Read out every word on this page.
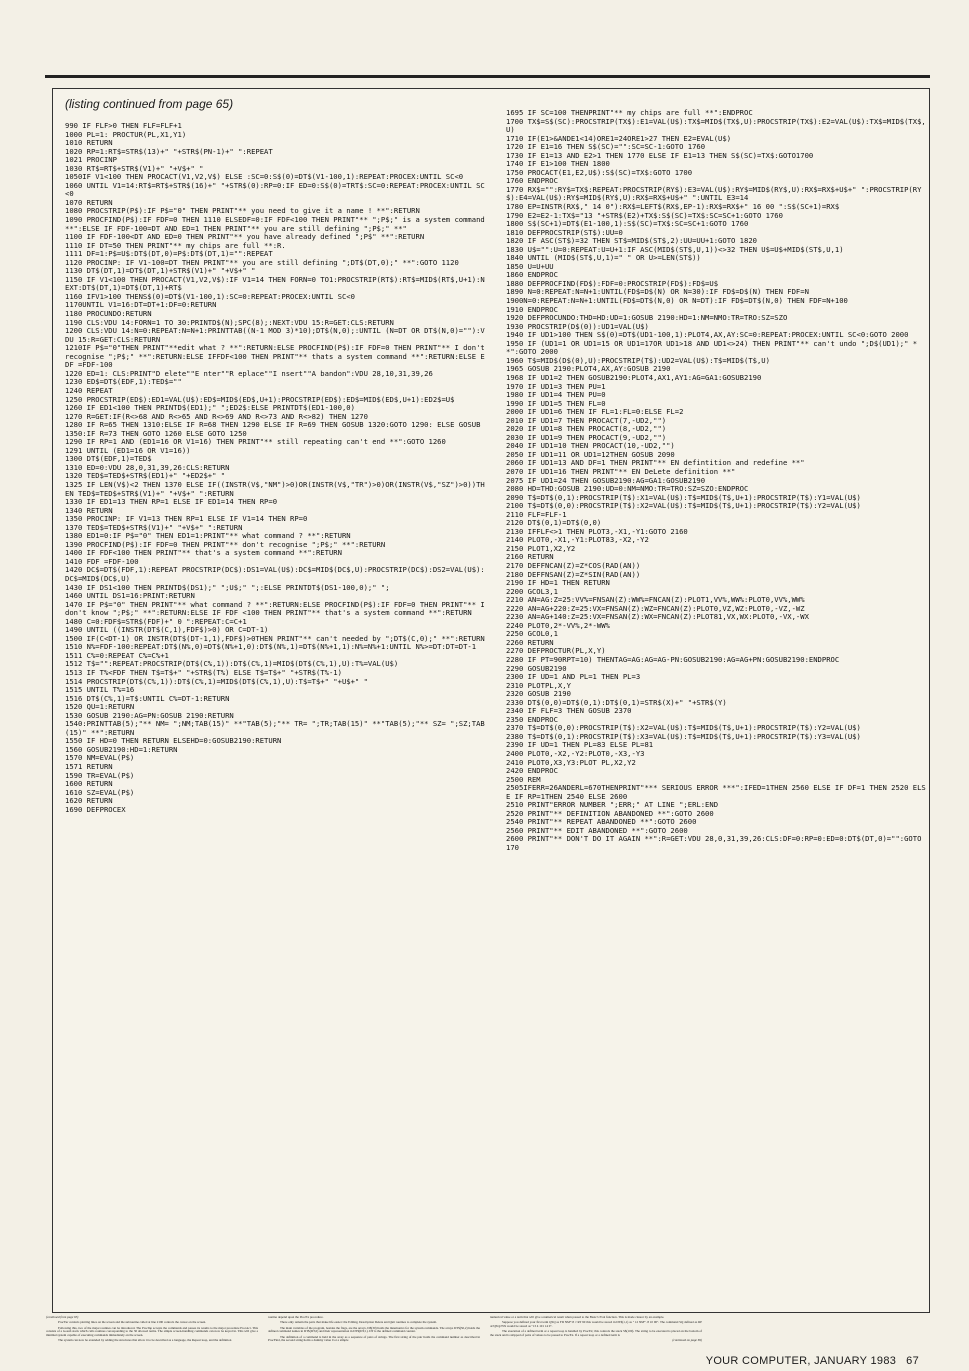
(listing continued from page 65)
990 IF FLF>0 THEN FLF=FLF+1
1000 PL=1: PROCTUR(PL,X1,Y1)
1010 RETURN
1020 RP=1:RT$=STR$(13)+" "+STR$(PN-1)+" ":REPEAT
1021 PROCINP
1030 RT$=RT$+STR$(V1)+" "+V$+" "
1050IF V1<100 THEN PROCACT(V1,V2,V$) ELSE :SC=0:S$(0)=DT$(V1-100,1):REPEAT:PROCEX:UNTIL SC<0
1060 UNTIL V1=14:RT$=RT$+STR$(16)+" "+STR$(0):RP=0:IF ED=0:S$(0)=TRT$:SC=0:REPEAT:PROCEX:UNTIL SC<0
1070 RETURN
1080 PROCSTRIP(P$):IF P$="0" THEN PRINT"** you need to give it a name ! **":RETURN
1090 PROCFIND(P$):IF FDF=0 THEN 1110 ELSEDF=0:IF FDF<100 THEN PRINT"** ";P$;" is a system command **":ELSE IF FDF-100=DT AND ED=1 THEN PRINT"** you are still defining ";P$;" **"
1100 IF FDF-100<DT AND ED=0 THEN PRINT"** you have already defined ";P$" **":RETURN
1110 IF DT=50 THEN PRINT"** my chips are full **:R.
1111 DF=1:P$=U$:DT$(DT,0)=P$:DT$(DT,1)="":REPEAT
1120 PROCINP: IF V1-100=DT THEN PRINT"** you are still defining ";DT$(DT,0);" **":GOTO 1120
1130 DT$(DT,1)=DT$(DT,1)+STR$(V1)+" "+V$+" "
1150 IF V1<100 THEN PROCACT(V1,V2,V$):IF V1=14 THEN FORN=0 TO1:PROCSTRIP(RT$):RT$=MID$(RT$,U+1):NEXT:DT$(DT,1)=DT$(DT,1)+RT$
1160 IFV1>100 THENS$(0)=DT$(V1-100,1):SC=0:REPEAT:PROCEX:UNTIL SC<0
1170UNTIL V1=16:DT=DT+1:DF=0:RETURN
1180 PROCUNDO:RETURN
1190 CLS:VDU 14:FORN=1 TO 30:PRINTD$(N);SPC(8);:NEXT:VDU 15:R=GET:CLS:RETURN
1200 CLS:VDU 14:N=0:REPEAT:N=N+1:PRINTTAB((N-1 MOD 3)*10);DT$(N,0);:UNTIL (N=DT OR DT$(N,0)=""):VDU 15:R=GET:CLS:RETURN
1210IF P$="0"THEN PRINT"**edit what ? **":RETURN:ELSE PROCFIND(P$):IF FDF=0 THEN PRINT"** I don't recognise ";P$;" **":RETURN:ELSE IFFDF<100 THEN PRINT"** thats a system command **":RETURN:ELSE EDF =FDF-100
1220 ED=1: CLS:PRINT"D elete""E nter""R eplace""I nsert""A bandon":VDU 28,10,31,39,26
1230 ED$=DT$(EDF,1):TED$=""
1240 REPEAT
1250 PROCSTRIP(ED$):ED1=VAL(U$):ED$=MID$(ED$,U+1):PROCSTRIP(ED$):ED$=MID$(ED$,U+1):ED2$=U$
1260 IF ED1<100 THEN PRINTD$(ED1);" ";ED2$:ELSE PRINTDT$(ED1-100,0)
1270 R=GET:IF(R<>68 AND R<>65 AND R<>69 AND R<>73 AND R<>82) THEN 1270
1280 IF R=65 THEN 1310:ELSE IF R=68 THEN 1290 ELSE IF R=69 THEN GOSUB 1320:GOTO 1290: ELSE GOSUB 1350:IF R=73 THEN GOTO 1260 ELSE GOTO 1250
1290 IF RP=1 AND (ED1=16 OR V1=16) THEN PRINT"** still repeating can't end **":GOTO 1260
1291 UNTIL (ED1=16 OR V1=16))
1300 DT$(EDF,1)=TED$
1310 ED=0:VDU 28,0,31,39,26:CLS:RETURN
1320 TED$=TED$+STR$(ED1)+" "+ED2$+" "
1325 IF LEN(V$)<2 THEN 1370 ELSE IF((INSTR(V$,"NM")>0)OR(INSTR(V$,"TR")>0)OR(INSTR(V$,"SZ")>0))THEN TED$=TED$+STR$(V1)+" "+V$+" ":RETURN
1330 IF ED1=13 THEN RP=1 ELSE IF ED1=14 THEN RP=0
1340 RETURN
1350 PROCINP: IF V1=13 THEN RP=1 ELSE IF V1=14 THEN RP=0
1370 TED$=TED$+STR$(V1)+" "+V$+" ":RETURN
1380 ED1=0:IF P$="0" THEN ED1=1:PRINT"** what command ? **":RETURN
1390 PROCFIND(P$):IF FDF=0 THEN PRINT"** don't recognise ";P$;" **":RETURN
1400 IF FDF<100 THEN PRINT"** that's a system command **":RETURN
1410 FDF =FDF-100
1420 DC$=DT$(FDF,1):REPEAT PROCSTRIP(DC$):DS1=VAL(U$):DC$=MID$(DC$,U):PROCSTRIP(DC$):DS2=VAL(U$):DC$=MID$(DC$,U)
1430 IF DS1<100 THEN PRINTD$(DS1);" ";U$;" ";:ELSE PRINTDT$(DS1-100,0);" ";
1460 UNTIL DS1=16:PRINT:RETURN
1470 IF P$="0" THEN PRINT"** what command ? **":RETURN:ELSE PROCFIND(P$):IF FDF=0 THEN PRINT"** I don't know ";P$;" **":RETURN:ELSE IF FDF <100 THEN PRINT"** that's a system command **":RETURN
1480 C=0:FDF$=STR$(FDF)+" 0 ":REPEAT:C=C+1
1490 UNTIL ((INSTR(DT$(C,1),FDF$)>0) OR C=DT-1)
1500 IF(C<DT-1) OR INSTR(DT$(DT-1,1),FDF$)>0THEN PRINT"** can't needed by ";DT$(C,0);" **":RETURN
1510 N%=FDF-100:REPEAT:DT$(N%,0)=DT$(N%+1,0):DT$(N%,1)=DT$(N%+1,1):N%=N%+1:UNTIL N%>=DT:DT=DT-1
1511 C%=0:REPEAT C%=C%+1
1512 T$="":REPEAT:PROCSTRIP(DT$(C%,1)):DT$(C%,1)=MID$(DT$(C%,1),U):T%=VAL(U$)
1513 IF T%<FDF THEN T$=T$+" "+STR$(T%) ELSE T$=T$+" "+STR$(T%-1)
1514 PROCSTRIP(DT$(C%,1)):DT$(C%,1)=MID$(DT$(C%,1),U):T$=T$+" "+U$+" "
1515 UNTIL T%=16
1516 DT$(C%,1)=T$:UNTIL C%=DT-1:RETURN
1520 QU=1:RETURN
1530 GOSUB 2190:AG=PN:GOSUB 2190:RETURN
1540:PRINTTAB(5);"** NM= ";NM;TAB(15)" **"TAB(5);"** TR= ";TR;TAB(15)" **"TAB(5);"** SZ= ";SZ;TAB(15)" **":RETURN
1550 IF HD=0 THEN RETURN ELSEHD=0:GOSUB2190:RETURN
1560 GOSUB2190:HD=1:RETURN
1570 NM=EVAL(P$)
1571 RETURN
1590 TR=EVAL(P$)
1600 RETURN
1610 SZ=EVAL(P$)
1620 RETURN
1690 DEFPROCEX
1695 IF SC=100 THENPRINT"** my chips are full **":ENDPROC
1700 TX$=S$(SC):PROCSTRIP(TX$):E1=VAL(U$):TX$=MID$(TX$,U):PROCSTRIP(TX$):E2=VAL(U$):TX$=MID$(TX$,U)
1710 IF(E1>&ANDE1<14)ORE1=24ORE1>27 THEN E2=EVAL(U$)
1720 IF E1=16 THEN S$(SC)="":SC=SC-1:GOTO 1760
1730 IF E1=13 AND E2>1 THEN 1770 ELSE IF E1=13 THEN S$(SC)=TX$:GOTO1700
1740 IF E1>100 THEN 1800
1750 PROCACT(E1,E2,U$):S$(SC)=TX$:GOTO 1700
1760 ENDPROC
1770 RX$="":RY$=TX$:REPEAT:PROCSTRIP(RY$):E3=VAL(U$):RY$=MID$(RY$,U):RX$=RX$+U$+" ":PROCSTRIP(RY$):E4=VAL(U$):RY$=MID$(RY$,U):RX$=RX$+U$+" ":UNTIL E3=14
1780 EP=INSTR(RX$," 14 0"):RX$=LEFT$(RX$,EP-1):RX$=RX$+" 16 00 ":S$(SC+1)=RX$
1790 E2=E2-1:TX$="13 "+STR$(E2)+TX$:S$(SC)=TX$:SC=SC+1:GOTO 1760
1800 S$(SC+1)=DT$(E1-100,1):S$(SC)=TX$:SC=SC+1:GOTO 1760
1810 DEFPROCSTRIP(ST$):UU=0
1820 IF ASC(ST$)=32 THEN ST$=MID$(ST$,2):UU=UU+1:GOTO 1820
1830 U$="":U=0:REPEAT:U=U+1:IF ASC(MID$(ST$,U,1))<>32 THEN U$=U$+MID$(ST$,U,1)
1840 UNTIL (MID$(ST$,U,1)=" " OR U>=LEN(ST$))
1850 U=U+UU
1860 ENDPROC
1880 DEFPROCFIND(FD$):FDF=0:PROCSTRIP(FD$):FD$=U$
1890 N=0:REPEAT:N=N+1:UNTIL(FD$=D$(N) OR N=30):IF FD$=D$(N) THEN FDF=N
1900N=0:REPEAT:N=N+1:UNTIL(FD$=DT$(N,0) OR N=DT):IF FD$=DT$(N,0) THEN FDF=N+100
1910 ENDPROC
1920 DEFPROCUNDO:THD=HD:UD=1:GOSUB 2190:HD=1:NM=NMO:TR=TRO:SZ=SZO
1930 PROCSTRIP(D$(0)):UD1=VAL(U$)
1940 IF UD1>100 THEN S$(0)=DT$(UD1-100,1):PLOT4,AX,AY:SC=0:REPEAT:PROCEX:UNTIL SC<0:GOTO 2000
1950 IF (UD1=1 OR UD1=15 OR UD1=17OR UD1>18 AND UD1<>24) THEN PRINT"** can't undo ";D$(UD1);" **":GOTO 2000
1960 T$=MID$(D$(0),U):PROCSTRIP(T$):UD2=VAL(U$):T$=MID$(T$,U)
1965 GOSUB 2190:PLOT4,AX,AY:GOSUB 2190
1968 IF UD1=2 THEN GOSUB2190:PLOT4,AX1,AY1:AG=GA1:GOSUB2190
1970 IF UD1=3 THEN PU=1
1980 IF UD1=4 THEN PU=0
1990 IF UD1=5 THEN FL=0
2000 IF UD1=6 THEN IF FL=1:FL=0:ELSE FL=2
2010 IF UD1=7 THEN PROCACT(7,-UD2,"")
2020 IF UD1=8 THEN PROCACT(8,-UD2,"")
2030 IF UD1=9 THEN PROCACT(9,-UD2,"")
2040 IF UD1=10 THEN PROCACT(10,-UD2,"")
2050 IF UD1=11 OR UD1=12THEN GOSUB 2090
2060 IF UD1=13 AND DF=1 THEN PRINT"** EN defintition and redefine **"
2070 IF UD1=16 THEN PRINT"** EN DeLete definition **"
2075 IF UD1=24 THEN GOSUB2190:AG=GA1:GOSUB2190
2080 HD=THD:GOSUB 2190:UD=0:NM=NMO:TR=TRO:SZ=SZO:ENDPROC
2090 T$=DT$(0,1):PROCSTRIP(T$):X1=VAL(U$):T$=MID$(T$,U+1):PROCSTRIP(T$):Y1=VAL(U$)
2100 T$=DT$(0,0):PROCSTRIP(T$):X2=VAL(U$):T$=MID$(T$,U+1):PROCSTRIP(T$):Y2=VAL(U$)
2110 FLF=FLF-1
2120 DT$(0,1)=DT$(0,0)
2130 IFFLF<>1 THEN PLOT3,-X1,-Y1:GOTO 2160
2140 PLOT0,-X1,-Y1:PLOT83,-X2,-Y2
2150 PLOT1,X2,Y2
2160 RETURN
2170 DEFFNCAN(Z)=Z*COS(RAD(AN))
2180 DEFFNSAN(Z)=Z*SIN(RAD(AN))
2190 IF HD=1 THEN RETURN
2200 GCOL3,1
2210 AN=AG:Z=25:VV%=FNSAN(Z):WW%=FNCAN(Z):PLOT1,VV%,WW%:PLOT0,VV%,WW%
2220 AN=AG+220:Z=25:VX=FNSAN(Z):WZ=FNCAN(Z):PLOT0,VZ,WZ:PLOT0,-VZ,-WZ
2230 AN=AG+140:Z=25:VX=FNSAN(Z):WX=FNCAN(Z):PLOT81,VX,WX:PLOT0,-VX,-WX
2240 PLOT0,2*-VV%,2*-WW%
2250 GCOL0,1
2260 RETURN
2270 DEFPROCTUR(PL,X,Y)
2280 IF PT=90RPT=10) THENTAG=AG:AG=AG-PN:GOSUB2190:AG=AG+PN:GOSUB2190:ENDPROC
2290 GOSUB2190
2300 IF UD=1 AND PL=1 THEN PL=3
2310 PLOTPL,X,Y
2320 GOSUB 2190
2330 DT$(0,0)=DT$(0,1):DT$(0,1)=STR$(X)+" "+STR$(Y)
2340 IF FLF=3 THEN GOSUB 2370
2350 ENDPROC
2370 T$=DT$(0,0):PROCSTRIP(T$):X2=VAL(U$):T$=MID$(T$,U+1):PROCSTRIP(T$):Y2=VAL(U$)
2380 T$=DT$(0,1):PROCSTRIP(T$):X3=VAL(U$):T$=MID$(T$,U+1):PROCSTRIP(T$):Y3=VAL(U$)
2390 IF UD=1 THEN PL=83 ELSE PL=81
2400 PLOT0,-X2,-Y2:PLOT0,-X3,-Y3
2410 PLOT0,X3,Y3:PLOT PL,X2,Y2
2420 ENDPROC
2500 REM
2505IFERR=26ANDERL=670THENPRINT"*** SERIOUS ERROR ***":IFED=1THEN 2560 ELSE IF DF=1 THEN 2520 ELSE IF RP=1THEN 2540 ELSE 2600
2510 PRINT"ERROR NUMBER ";ERR;" AT LINE ";ERL:END
2520 PRINT"** DEFINITION ABANDONED **":GOTO 2600
2540 PRINT"** REPEAT ABANDONED **":GOTO 2600
2560 PRINT"** EDIT ABANDONED **":GOTO 2600
2600 PRINT"** DON'T DO IT AGAIN **":R=GET:VDU 28,0,31,39,26:CLS:DF=0:RP=0:ED=0:DT$(DT,0)="":GOTO 170

(continued from page 65)

ProcTur controls plotting lines on the screen and the subroutine called at line 2190 controls the cursor on the screen.

Following this, two of the major routines can be introduced. The ProcInp accepts the commands and passes its results to the major procedure ProcAct. This consists of a Gosub stack which calls routines corresponding to the 30 allowed terms. The simple screen-handling commands can now be keyed in. This will give a minimal system capable of executing commands immediately on the screen.

The system can now be extended by adding the structures that allow it to be described as a language, the Repeat loop, and the definition

routine depend upon the ProcEx procedure.

There only remain the parts that make life easier: the Editing, Description Delete and Quit routines to complete the system.

The main variables of the program, besides the flags, are the arrays. D$(30) holds the mnemonics for the system commands. The arrays DT$(50,2) holds the defined command names in DT$(DT,0) and their representation in DT$(DT,1). DT is the defined command counter.

The definition of a command is held in the array as a sequence of pairs of strings. The first string of the pair holds the command number as described in ProcFind, the second string holds a dummy value 0 or a simple

numerical value or a term that will give a numerical result when passed to the Basic's Eval function. This is made clearer by an example.

Suppose you defined your first term QSQ as FD NM*.8 // RT 90 this would be stored in DT$(1,1) as " 12 NM* .8 10 90". The command SQ defined as RP 4//QSQ//NX would be stored as "13 4 101 14 0".

The execution of a defined term or a repeat loop is handled by ProcEx; this controls the stack S$(100). The string to be executed is placed on the bottom of the stack and is stripped of pairs of values to be passed to ProcEx. If a repeat loop or a defined term is

(continued on page 69)

YOUR COMPUTER, JANUARY 1983 67
